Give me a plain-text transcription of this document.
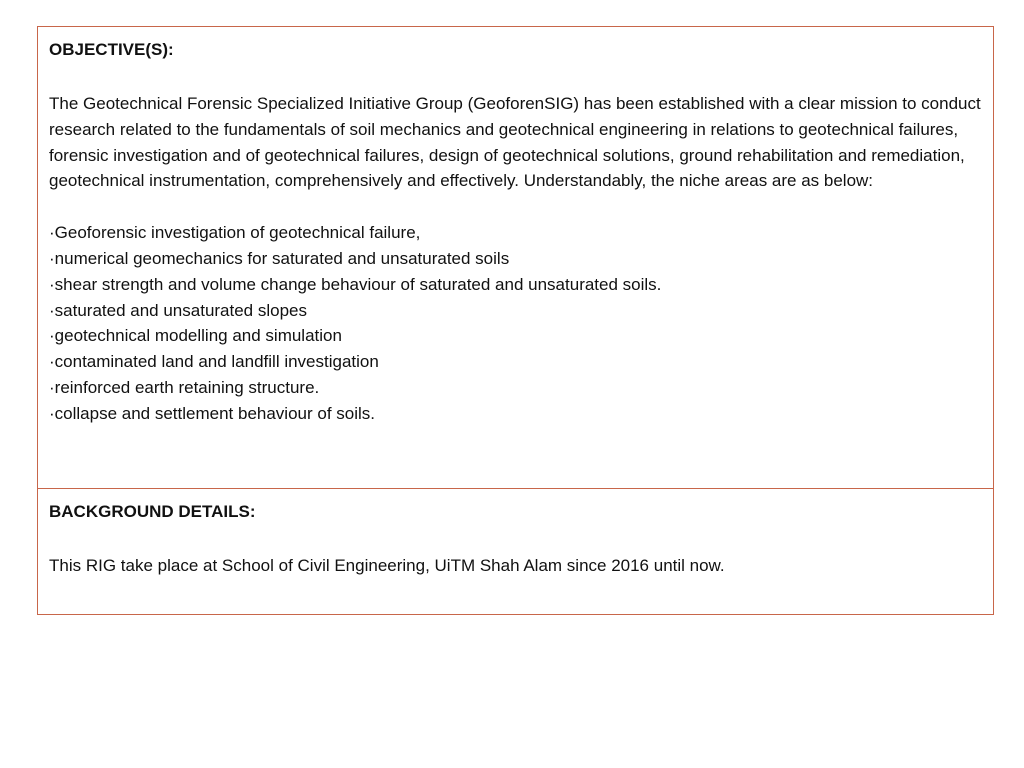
OBJECTIVE(S):

The Geotechnical Forensic Specialized Initiative Group (GeoforenSIG) has been established with a clear mission to conduct research related to the fundamentals of soil mechanics and geotechnical engineering in relations to geotechnical failures, forensic investigation and of geotechnical failures, design of geotechnical solutions, ground rehabilitation and remediation, geotechnical instrumentation, comprehensively and effectively. Understandably, the niche areas are as below:

·Geoforensic investigation of geotechnical failure,
·numerical geomechanics for saturated and unsaturated soils
·shear strength and volume change behaviour of saturated and unsaturated soils.
·saturated and unsaturated slopes
·geotechnical modelling and simulation
·contaminated land and landfill investigation
·reinforced earth retaining structure.
·collapse and settlement behaviour of soils.

BACKGROUND DETAILS:

This RIG take place at School of Civil Engineering, UiTM Shah Alam since 2016 until now.
